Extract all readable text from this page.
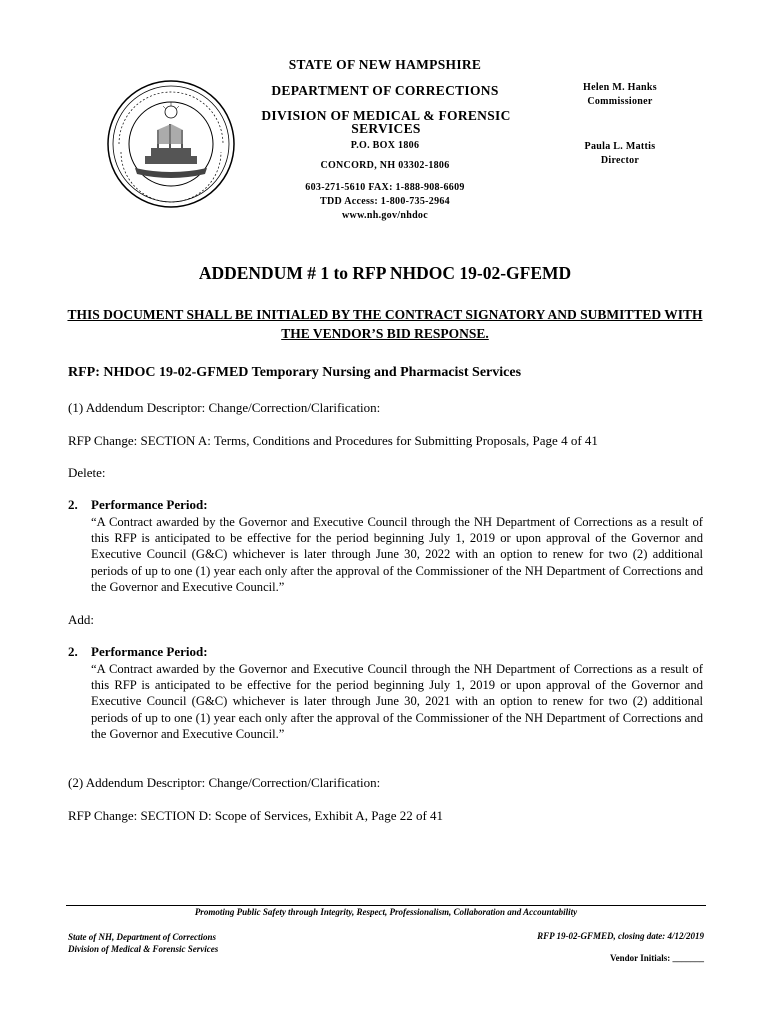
STATE OF NEW HAMPSHIRE
DEPARTMENT OF CORRECTIONS
DIVISION OF MEDICAL & FORENSIC SERVICES
P.O. BOX 1806
CONCORD, NH 03302-1806
603-271-5610 FAX: 1-888-908-6609
TDD Access: 1-800-735-2964
www.nh.gov/nhdoc
Helen M. Hanks
Commissioner
Paula L. Mattis
Director
ADDENDUM # 1 to RFP NHDOC 19-02-GFEMD
THIS DOCUMENT SHALL BE INITIALED BY THE CONTRACT SIGNATORY AND SUBMITTED WITH THE VENDOR’S BID RESPONSE.
RFP: NHDOC 19-02-GFMED Temporary Nursing and Pharmacist Services
(1) Addendum Descriptor: Change/Correction/Clarification:
RFP Change: SECTION A: Terms, Conditions and Procedures for Submitting Proposals, Page 4 of 41
Delete:
2. Performance Period:
“A Contract awarded by the Governor and Executive Council through the NH Department of Corrections as a result of this RFP is anticipated to be effective for the period beginning July 1, 2019 or upon approval of the Governor and Executive Council (G&C) whichever is later through June 30, 2022 with an option to renew for two (2) additional periods of up to one (1) year each only after the approval of the Commissioner of the NH Department of Corrections and the Governor and Executive Council.”
Add:
2. Performance Period:
“A Contract awarded by the Governor and Executive Council through the NH Department of Corrections as a result of this RFP is anticipated to be effective for the period beginning July 1, 2019 or upon approval of the Governor and Executive Council (G&C) whichever is later through June 30, 2021 with an option to renew for two (2) additional periods of up to one (1) year each only after the approval of the Commissioner of the NH Department of Corrections and the Governor and Executive Council.”
(2) Addendum Descriptor: Change/Correction/Clarification:
RFP Change: SECTION D: Scope of Services, Exhibit A, Page 22 of 41
Promoting Public Safety through Integrity, Respect, Professionalism, Collaboration and Accountability
State of NH, Department of Corrections
Division of Medical & Forensic Services
RFP 19-02-GFMED, closing date: 4/12/2019
Vendor Initials: _______
